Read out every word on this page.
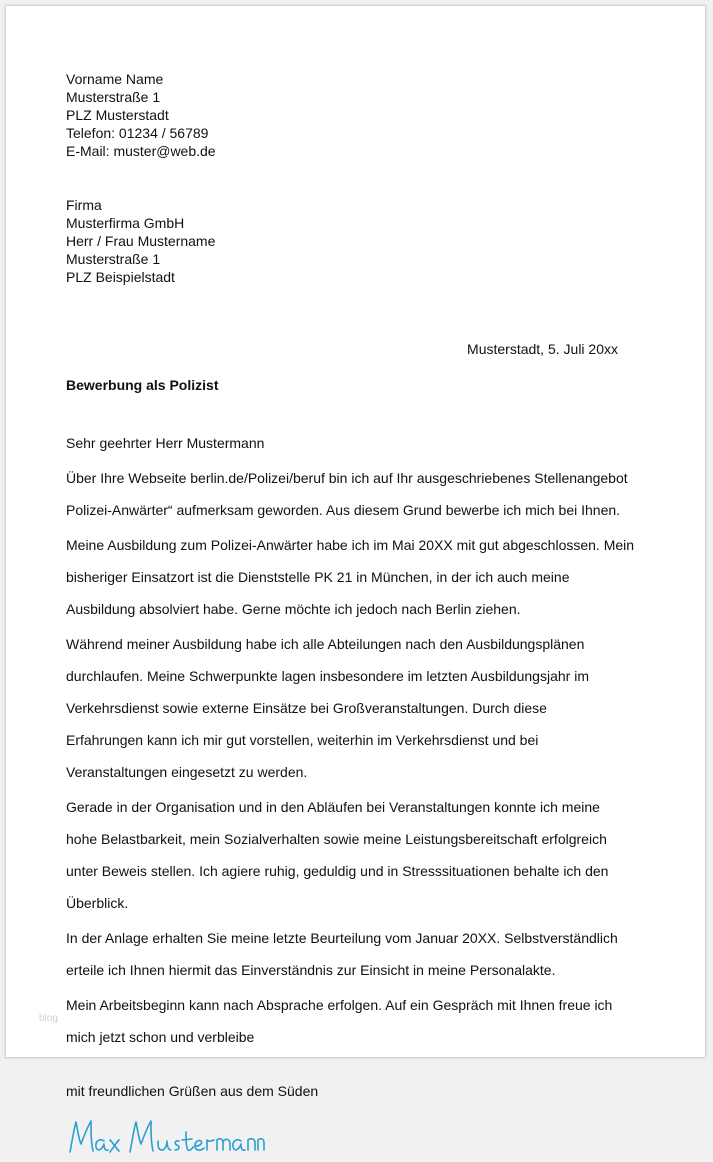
Vorname Name

Musterstraße 1

PLZ Musterstadt

Telefon: 01234 / 56789

E-Mail: muster@web.de

Firma

Musterfirma GmbH

Herr / Frau Mustername

Musterstraße 1

PLZ Beispielstadt

Musterstadt, 5. Juli 20xx

Bewerbung als Polizist

Sehr geehrter Herr Mustermann

Über Ihre Webseite berlin.de/Polizei/beruf bin ich auf Ihr ausgeschriebenes Stellenangebot

Polizei-Anwärter“ aufmerksam geworden. Aus diesem Grund bewerbe ich mich bei Ihnen.

Meine Ausbildung zum Polizei-Anwärter habe ich im Mai 20XX mit gut abgeschlossen. Mein

bisheriger Einsatzort ist die Dienststelle PK 21 in München, in der ich auch meine

Ausbildung absolviert habe. Gerne möchte ich jedoch nach Berlin ziehen.

Während meiner Ausbildung habe ich alle Abteilungen nach den Ausbildungsplänen

durchlaufen. Meine Schwerpunkte lagen insbesondere im letzten Ausbildungsjahr im

Verkehrsdienst sowie externe Einsätze bei Großveranstaltungen. Durch diese

Erfahrungen kann ich mir gut vorstellen, weiterhin im Verkehrsdienst und bei

Veranstaltungen eingesetzt zu werden.

Gerade in der Organisation und in den Abläufen bei Veranstaltungen konnte ich meine

hohe Belastbarkeit, mein Sozialverhalten sowie meine Leistungsbereitschaft erfolgreich

unter Beweis stellen. Ich agiere ruhig, geduldig und in Stresssituationen behalte ich den

Überblick.

In der Anlage erhalten Sie meine letzte Beurteilung vom Januar 20XX. Selbstverständlich

erteile ich Ihnen hiermit das Einverständnis zur Einsicht in meine Personalakte.

Mein Arbeitsbeginn kann nach Absprache erfolgen. Auf ein Gespräch mit Ihnen freue ich

mich jetzt schon und verbleibe

mit freundlichen Grüßen aus dem Süden

blog
